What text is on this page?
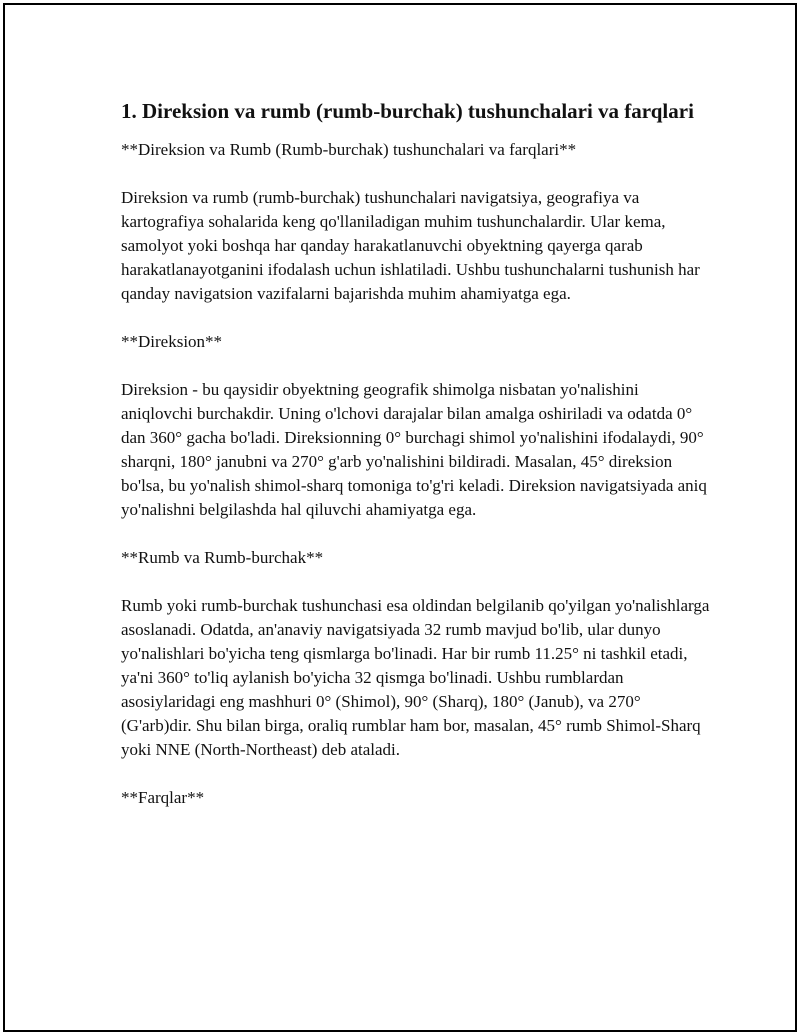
1. Direksion va rumb (rumb-burchak) tushunchalari va farqlari

**Direksion va Rumb (Rumb-burchak) tushunchalari va farqlari**

Direksion va rumb (rumb-burchak) tushunchalari navigatsiya, geografiya va kartografiya sohalarida keng qo'llaniladigan muhim tushunchalardir. Ular kema, samolyot yoki boshqa har qanday harakatlanuvchi obyektning qayerga qarab harakatlanayotganini ifodalash uchun ishlatiladi. Ushbu tushunchalarni tushunish har qanday navigatsion vazifalarni bajarishda muhim ahamiyatga ega.

**Direksion**

Direksion - bu qaysidir obyektning geografik shimolga nisbatan yo'nalishini aniqlovchi burchakdir. Uning o'lchovi darajalar bilan amalga oshiriladi va odatda 0° dan 360° gacha bo'ladi. Direksionning 0° burchagi shimol yo'nalishini ifodalaydi, 90° sharqni, 180° janubni va 270° g'arb yo'nalishini bildiradi. Masalan, 45° direksion bo'lsa, bu yo'nalish shimol-sharq tomoniga to'g'ri keladi. Direksion navigatsiyada aniq yo'nalishni belgilashda hal qiluvchi ahamiyatga ega.

**Rumb va Rumb-burchak**

Rumb yoki rumb-burchak tushunchasi esa oldindan belgilanib qo'yilgan yo'nalishlarga asoslanadi. Odatda, an'anaviy navigatsiyada 32 rumb mavjud bo'lib, ular dunyo yo'nalishlari bo'yicha teng qismlarga bo'linadi. Har bir rumb 11.25° ni tashkil etadi, ya'ni 360° to'liq aylanish bo'yicha 32 qismga bo'linadi. Ushbu rumblardan asosiylaridagi eng mashhuri 0° (Shimol), 90° (Sharq), 180° (Janub), va 270° (G'arb)dir. Shu bilan birga, oraliq rumblar ham bor, masalan, 45° rumb Shimol-Sharq yoki NNE (North-Northeast) deb ataladi.

**Farqlar**
